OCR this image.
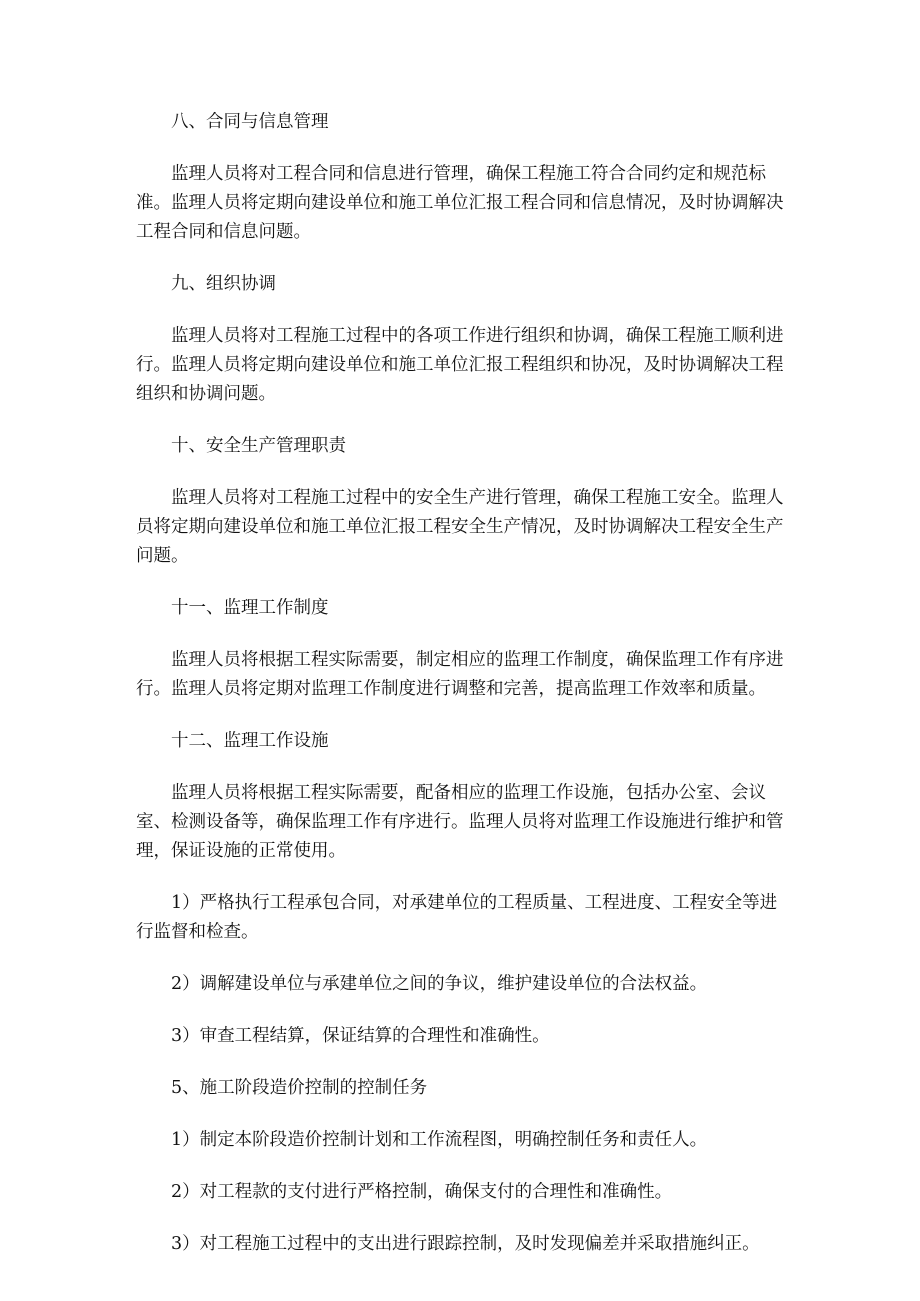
八、合同与信息管理

监理人员将对工程合同和信息进行管理，确保工程施工符合合同约定和规范标准。监理人员将定期向建设单位和施工单位汇报工程合同和信息情况，及时协调解决工程合同和信息问题。

九、组织协调

监理人员将对工程施工过程中的各项工作进行组织和协调，确保工程施工顺利进行。监理人员将定期向建设单位和施工单位汇报工程组织和协况，及时协调解决工程组织和协调问题。

十、安全生产管理职责

监理人员将对工程施工过程中的安全生产进行管理，确保工程施工安全。监理人员将定期向建设单位和施工单位汇报工程安全生产情况，及时协调解决工程安全生产问题。

十一、监理工作制度

监理人员将根据工程实际需要，制定相应的监理工作制度，确保监理工作有序进行。监理人员将定期对监理工作制度进行调整和完善，提高监理工作效率和质量。

十二、监理工作设施

监理人员将根据工程实际需要，配备相应的监理工作设施，包括办公室、会议室、检测设备等，确保监理工作有序进行。监理人员将对监理工作设施进行维护和管理，保证设施的正常使用。

1）严格执行工程承包合同，对承建单位的工程质量、工程进度、工程安全等进行监督和检查。

2）调解建设单位与承建单位之间的争议，维护建设单位的合法权益。

3）审查工程结算，保证结算的合理性和准确性。

5、施工阶段造价控制的控制任务

1）制定本阶段造价控制计划和工作流程图，明确控制任务和责任人。

2）对工程款的支付进行严格控制，确保支付的合理性和准确性。

3）对工程施工过程中的支出进行跟踪控制，及时发现偏差并采取措施纠正。
